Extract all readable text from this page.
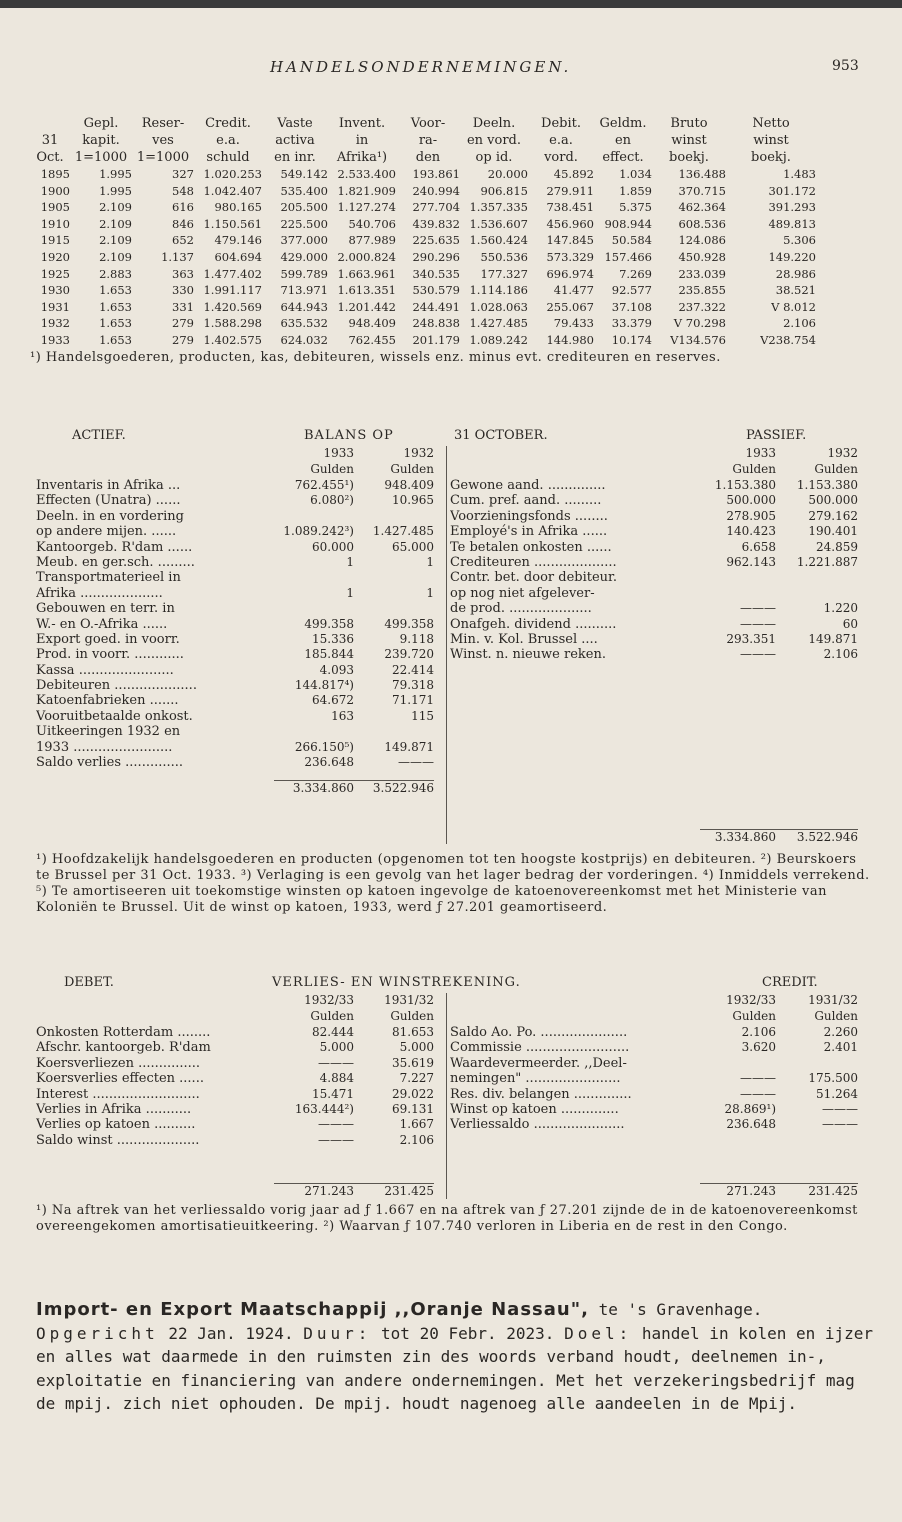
HANDELSONDERNEMINGEN.	953
Gepl.	Reser-	Credit.	Vaste	Invent.	Voor-	Deeln.	Debit.	Geldm.	Bruto	Netto
31	kapit.	ves	e.a.	activa	in	ra-	en vord.	e.a.	en	winst	winst
Oct. 1=1000 1=1000	schuld	en inr.	Afrika¹)	den	op id.	vord.	effect.	boekj.	boekj.
1895	1.995	327 1.020.253	549.142 2.533.400	193.861	20.000	45.892	1.034	136.488	1.483
1900	1.995	548 1.042.407	535.400 1.821.909	240.994	906.815	279.911	1.859	370.715	301.172
1905	2.109	616	980.165	205.500 1.127.274	277.704 1.357.335	738.451	5.375	462.364	391.293
1910	2.109	846 1.150.561	225.500	540.706	439.832 1.536.607	456.960 908.944	608.536	489.813
1915	2.109	652	479.146	377.000	877.989	225.635 1.560.424	147.845	50.584	124.086	5.306
1920	2.109	1.137	604.694	429.000 2.000.824	290.296	550.536	573.329 157.466	450.928	149.220
1925	2.883	363 1.477.402	599.789 1.663.961	340.535	177.327	696.974	7.269	233.039	28.986
1930	1.653	330 1.991.117	713.971 1.613.351	530.579 1.114.186	41.477	92.577	235.855	38.521
1931	1.653	331 1.420.569	644.943 1.201.442	244.491 1.028.063	255.067	37.108	237.322	V 8.012
1932	1.653	279 1.588.298	635.532	948.409	248.838 1.427.485	79.433	33.379	V 70.298	2.106
1933	1.653	279 1.402.575	624.032	762.455	201.179 1.089.242	144.980	10.174	V134.576	V238.754
¹) Handelsgoederen, producten, kas, debiteuren, wissels enz. minus evt. crediteuren en reserves.
ACTIEF.	BALANS OP	31 OCTOBER.	PASSIEF.
1933	1932
Gulden	Gulden
Inventaris in Afrika ...	762.455¹)	948.409
Effecten (Unatra) ......	6.080²)	10.965
Deeln. in en vordering
op andere mijen. ......	1.089.242³)	1.427.485
Kantoorgeb. R'dam ......	60.000	65.000
Meub. en ger.sch. .........	1	1
Transportmaterieel in
Afrika ....................	1	1
Gebouwen en terr. in
W.- en O.-Afrika ......	499.358	499.358
Export goed. in voorr.	15.336	9.118
Prod. in voorr. ............	185.844	239.720
Kassa .......................	4.093	22.414
Debiteuren ....................	144.817⁴)	79.318
Katoenfabrieken .......	64.672	71.171
Vooruitbetaalde onkost.	163	115
Uitkeeringen 1932 en
1933 ........................	266.150⁵)	149.871
Saldo verlies ..............	236.648	———
3.334.860	3.522.946
1933	1932
Gulden	Gulden
Gewone aand. ..............	1.153.380	1.153.380
Cum. pref. aand. .........	500.000	500.000
Voorzieningsfonds ........	278.905	279.162
Employé's in Afrika ......	140.423	190.401
Te betalen onkosten ......	6.658	24.859
Crediteuren ....................	962.143	1.221.887
Contr. bet. door debiteur.
op nog niet afgelever-
de prod. ....................	———	1.220
Onafgeh. dividend ..........	———	60
Min. v. Kol. Brussel ....	293.351	149.871
Winst. n. nieuwe reken.	———	2.106
3.334.860	3.522.946
¹) Hoofdzakelijk handelsgoederen en producten (opgenomen tot ten hoogste kostprijs) en debiteuren. ²) Beurskoers te Brussel per 31 Oct. 1933. ³) Verlaging is een gevolg van het lager bedrag der vorderingen. ⁴) Inmiddels verrekend. ⁵) Te amortiseeren uit toekomstige winsten op katoen ingevolge de katoenovereenkomst met het Ministerie van Koloniën te Brussel. Uit de winst op katoen, 1933, werd ƒ 27.201 geamortiseerd.
DEBET.	VERLIES- EN WINSTREKENING.	CREDIT.
1932/33	1931/32
Gulden	Gulden
Onkosten Rotterdam ........	82.444	81.653
Afschr. kantoorgeb. R'dam	5.000	5.000
Koersverliezen ...............	———	35.619
Koersverlies effecten ......	4.884	7.227
Interest ..........................	15.471	29.022
Verlies in Afrika ...........	163.444²)	69.131
Verlies op katoen ..........	———	1.667
Saldo winst ....................	———	2.106
271.243	231.425
1932/33	1931/32
Gulden	Gulden
Saldo Ao. Po. .....................	2.106	2.260
Commissie .........................	3.620	2.401
Waardevermeerder. ,,Deel-
nemingen" .......................	———	175.500
Res. div. belangen ..............	———	51.264
Winst op katoen ..............	28.869¹)	———
Verliessaldo ......................	236.648	———
271.243	231.425
¹) Na aftrek van het verliessaldo vorig jaar ad ƒ 1.667 en na aftrek van ƒ 27.201 zijnde de in de katoenovereenkomst overeengekomen amortisatieuitkeering. ²) Waarvan ƒ 107.740 verloren in Liberia en de rest in den Congo.
Import- en Export Maatschappij ,,Oranje Nassau", te 's Gravenhage. Opgericht 22 Jan. 1924. Duur: tot 20 Febr. 2023. Doel: handel in kolen en ijzer en alles wat daarmede in den ruimsten zin des woords verband houdt, deelnemen in-, exploitatie en financiering van andere ondernemingen. Met het verzekeringsbedrijf mag de mpij. zich niet ophouden. De mpij. houdt nagenoeg alle aandeelen in de Mpij.
